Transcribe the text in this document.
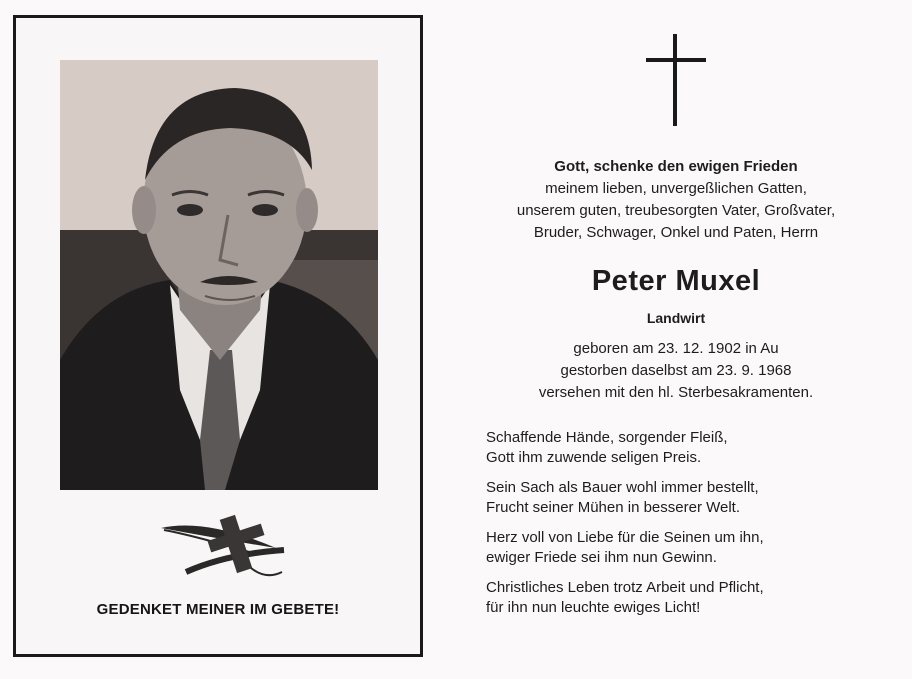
GEDENKET MEINER IM GEBETE!
Gott, schenke den ewigen Frieden
meinem lieben, unvergeßlichen Gatten,
unserem guten, treubesorgten Vater, Großvater,
Bruder, Schwager, Onkel und Paten, Herrn
Peter Muxel
Landwirt
geboren am 23. 12. 1902 in Au
gestorben daselbst am 23. 9. 1968
versehen mit den hl. Sterbesakramenten.
Schaffende Hände, sorgender Fleiß,
Gott ihm zuwende seligen Preis.
Sein Sach als Bauer wohl immer bestellt,
Frucht seiner Mühen in besserer Welt.
Herz voll von Liebe für die Seinen um ihn,
ewiger Friede sei ihm nun Gewinn.
Christliches Leben trotz Arbeit und Pflicht,
für ihn nun leuchte ewiges Licht!
